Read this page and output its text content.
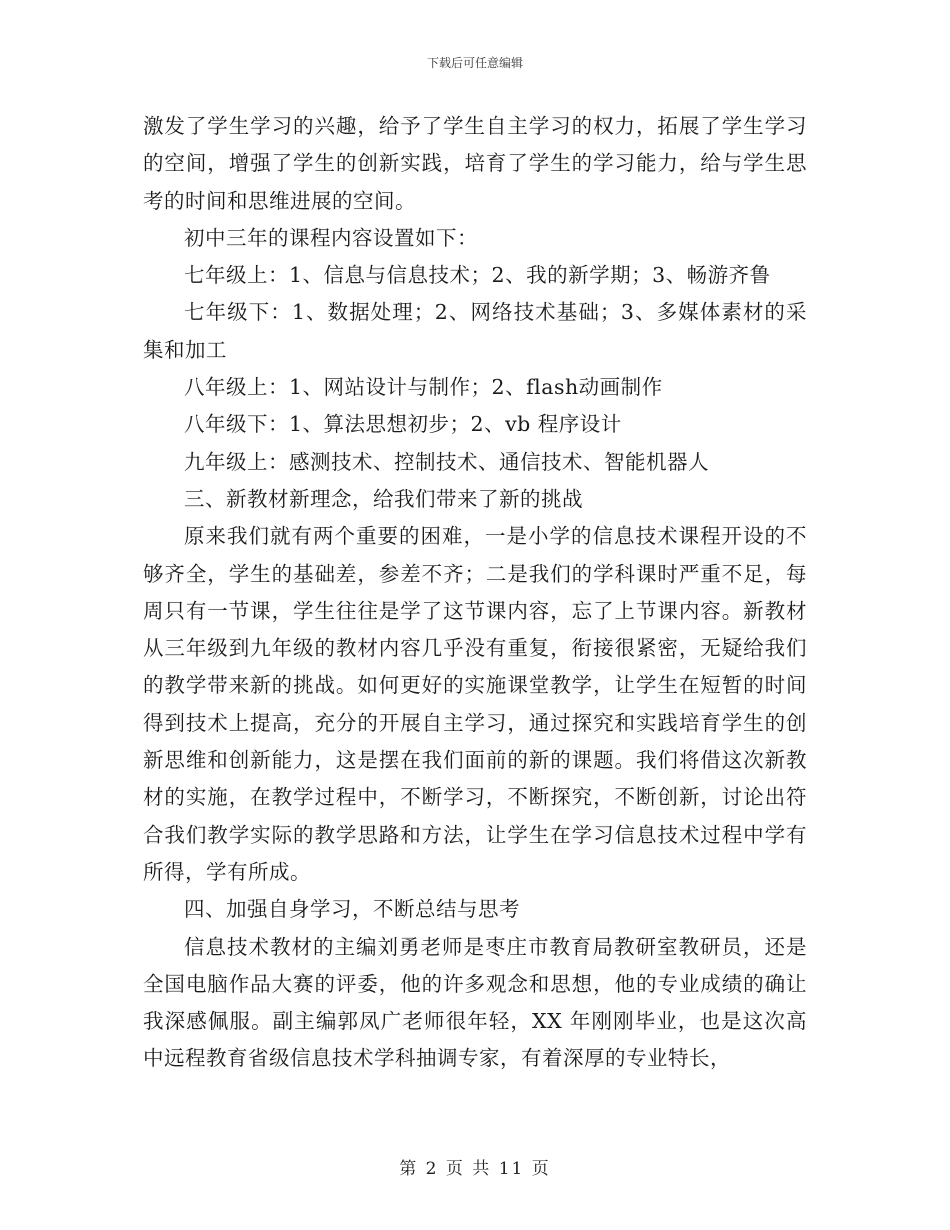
下载后可任意编辑

激发了学生学习的兴趣，给予了学生自主学习的权力，拓展了学生学习的空间，增强了学生的创新实践，培育了学生的学习能力，给与学生思考的时间和思维进展的空间。

初中三年的课程内容设置如下：

七年级上：1、信息与信息技术；2、我的新学期；3、畅游齐鲁

七年级下：1、数据处理；2、网络技术基础；3、多媒体素材的采集和加工

八年级上：1、网站设计与制作；2、flash动画制作

八年级下：1、算法思想初步；2、vb 程序设计

九年级上：感测技术、控制技术、通信技术、智能机器人

三、新教材新理念，给我们带来了新的挑战

原来我们就有两个重要的困难，一是小学的信息技术课程开设的不够齐全，学生的基础差，参差不齐；二是我们的学科课时严重不足，每周只有一节课，学生往往是学了这节课内容，忘了上节课内容。新教材从三年级到九年级的教材内容几乎没有重复，衔接很紧密，无疑给我们的教学带来新的挑战。如何更好的实施课堂教学，让学生在短暂的时间得到技术上提高，充分的开展自主学习，通过探究和实践培育学生的创新思维和创新能力，这是摆在我们面前的新的课题。我们将借这次新教材的实施，在教学过程中，不断学习，不断探究，不断创新，讨论出符合我们教学实际的教学思路和方法，让学生在学习信息技术过程中学有所得，学有所成。

四、加强自身学习，不断总结与思考

信息技术教材的主编刘勇老师是枣庄市教育局教研室教研员，还是全国电脑作品大赛的评委，他的许多观念和思想，他的专业成绩的确让我深感佩服。副主编郭凤广老师很年轻，XX 年刚刚毕业，也是这次高中远程教育省级信息技术学科抽调专家，有着深厚的专业特长，

第 2 页 共 11 页
